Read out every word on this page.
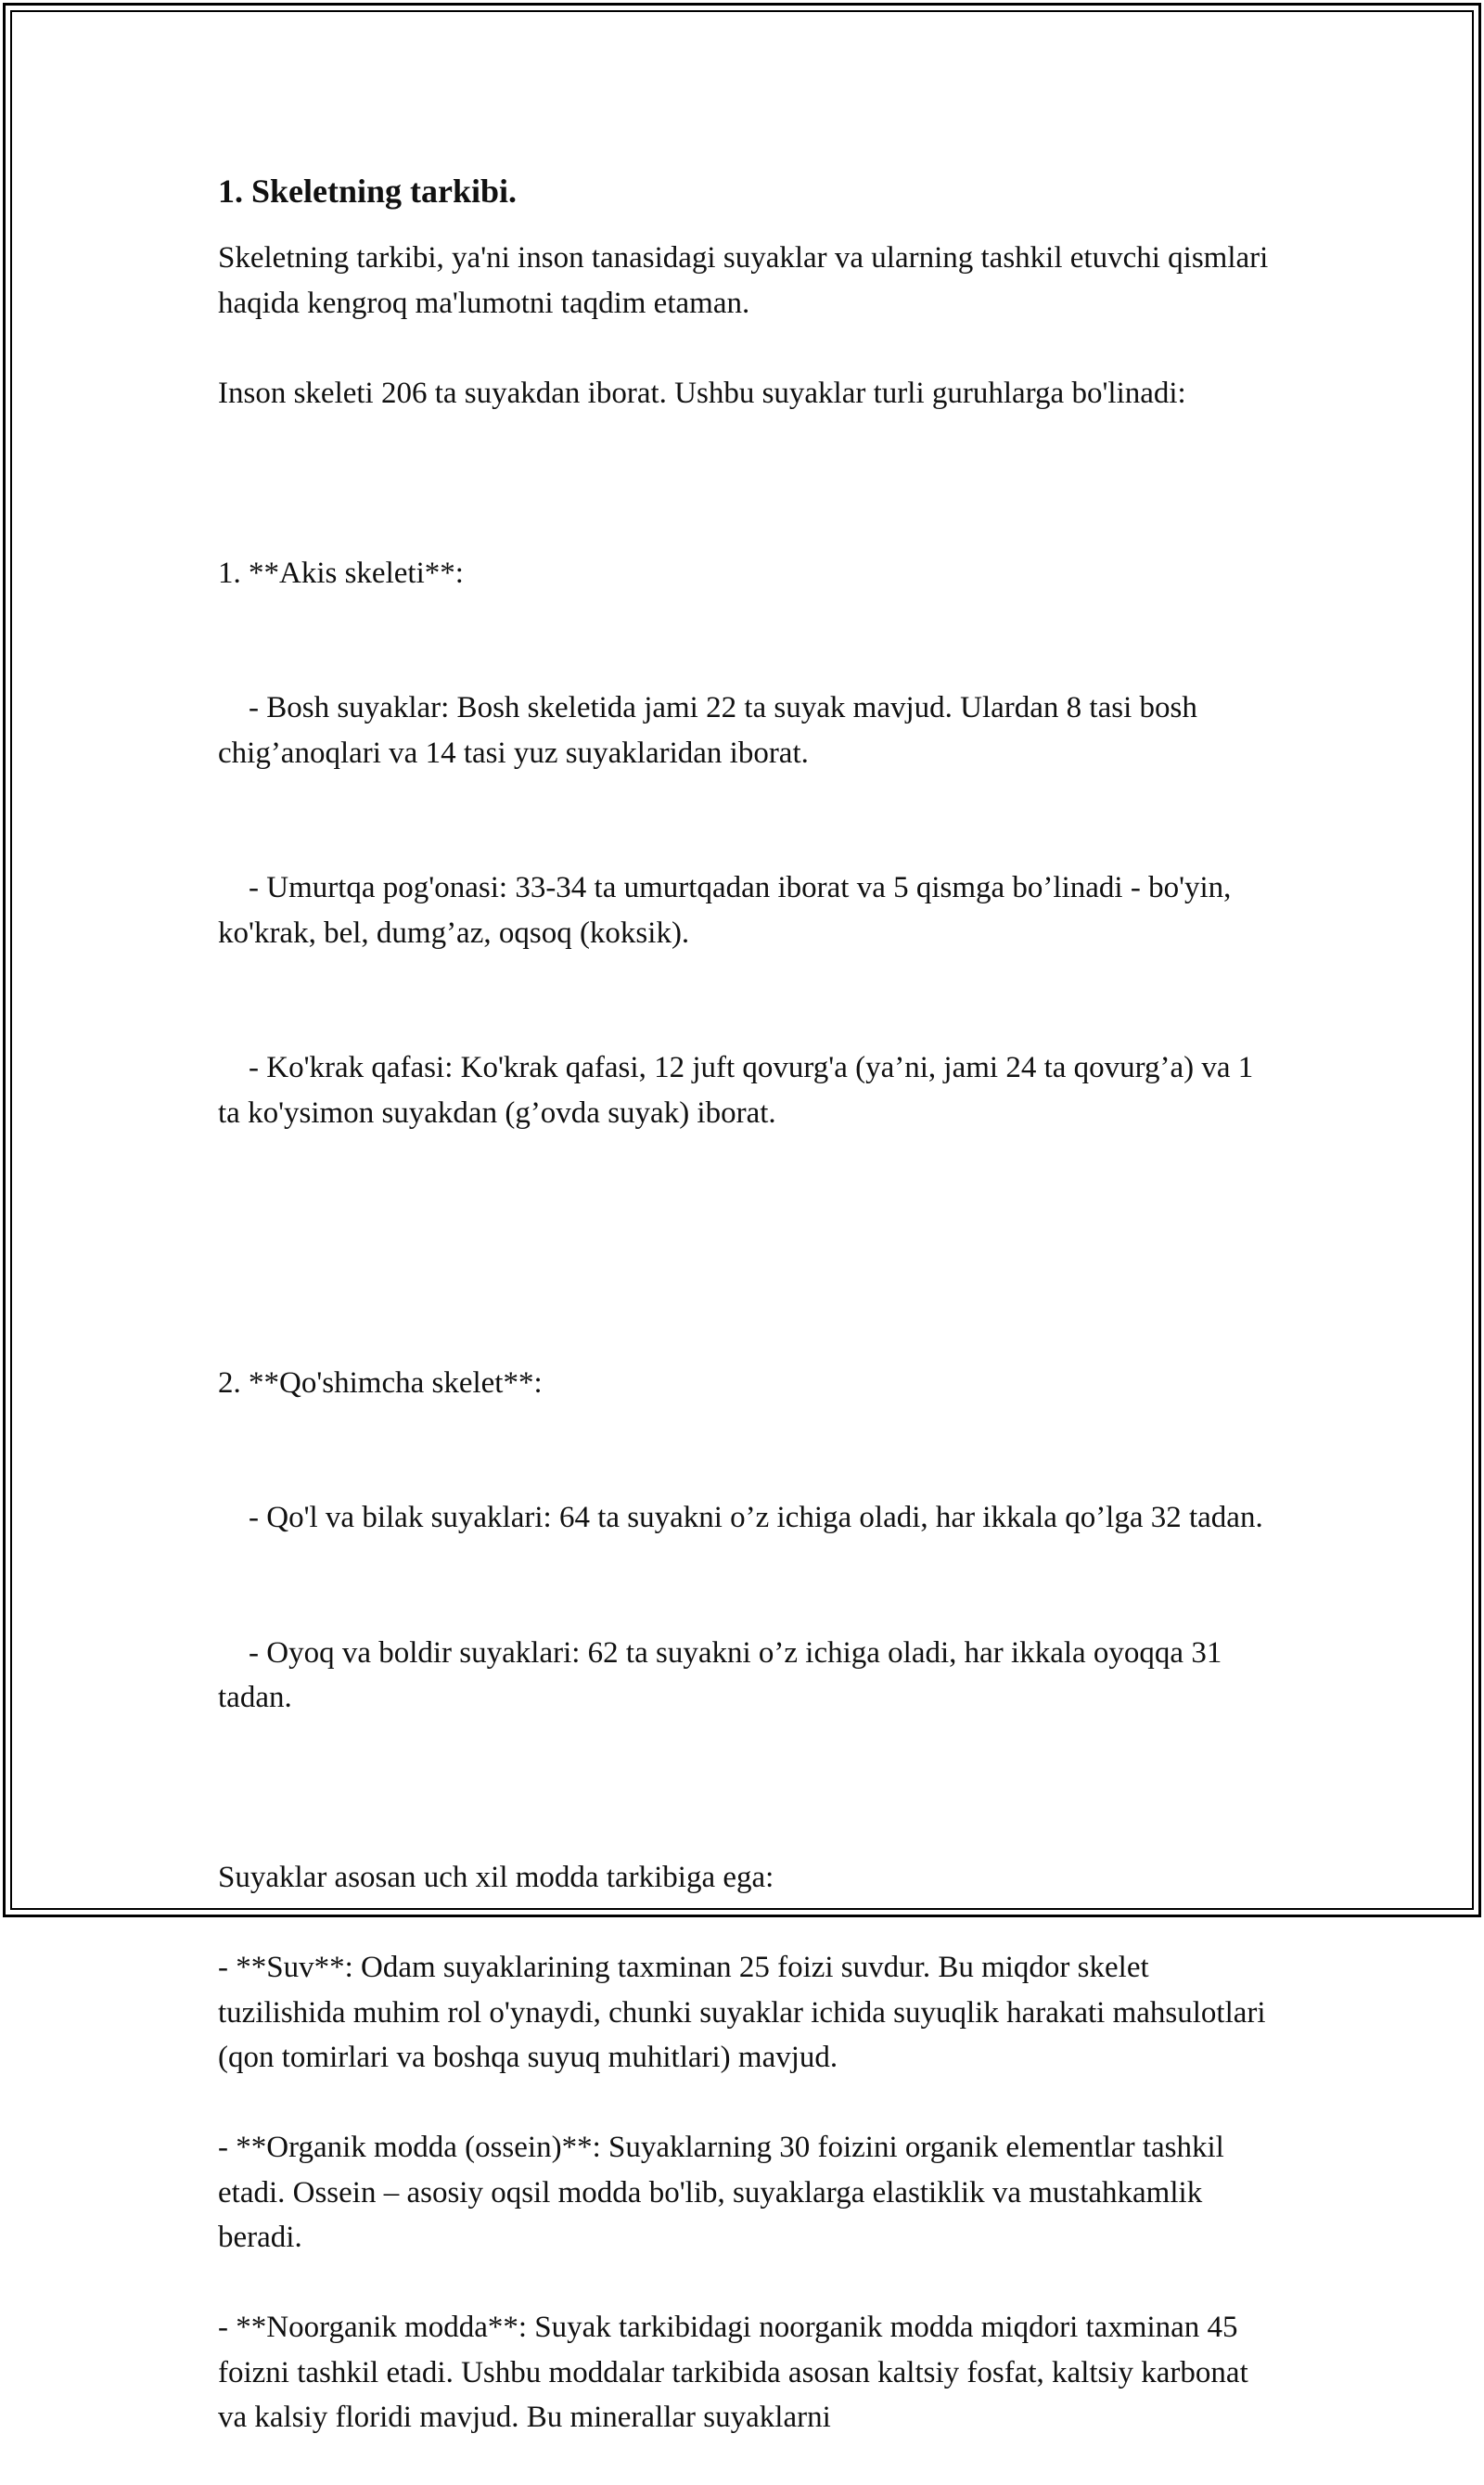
1. Skeletning tarkibi.
Skeletning tarkibi, ya'ni inson tanasidagi suyaklar va ularning tashkil etuvchi qismlari haqida kengroq ma'lumotni taqdim etaman.
Inson skeleti 206 ta suyakdan iborat. Ushbu suyaklar turli guruhlarga bo'linadi:

1. **Akis skeleti**:

- Bosh suyaklar: Bosh skeletida jami 22 ta suyak mavjud. Ulardan 8 tasi bosh chig’anoqlari va 14 tasi yuz suyaklaridan iborat.

- Umurtqa pog'onasi: 33-34 ta umurtqadan iborat va 5 qismga bo’linadi - bo'yin, ko'krak, bel, dumg’az, oqsoq (koksik).

- Ko'krak qafasi: Ko'krak qafasi, 12 juft qovurg'a (ya’ni, jami 24 ta qovurg’a) va 1 ta ko'ysimon suyakdan (g’ovda suyak) iborat.

2. **Qo'shimcha skelet**:

- Qo'l va bilak suyaklari: 64 ta suyakni o’z ichiga oladi, har ikkala qo’lga 32 tadan.

- Oyoq va boldir suyaklari: 62 ta suyakni o’z ichiga oladi, har ikkala oyoqqa 31 tadan.

Suyaklar asosan uch xil modda tarkibiga ega:
- **Suv**: Odam suyaklarining taxminan 25 foizi suvdur. Bu miqdor skelet tuzilishida muhim rol o'ynaydi, chunki suyaklar ichida suyuqlik harakati mahsulotlari (qon tomirlari va boshqa suyuq muhitlari) mavjud.
- **Organik modda (ossein)**: Suyaklarning 30 foizini organik elementlar tashkil etadi. Ossein – asosiy oqsil modda bo'lib, suyaklarga elastiklik va mustahkamlik beradi.
- **Noorganik modda**: Suyak tarkibidagi noorganik modda miqdori taxminan 45 foizni tashkil etadi. Ushbu moddalar tarkibida asosan kaltsiy fosfat, kaltsiy karbonat va kalsiy floridi mavjud. Bu minerallar suyaklarni
